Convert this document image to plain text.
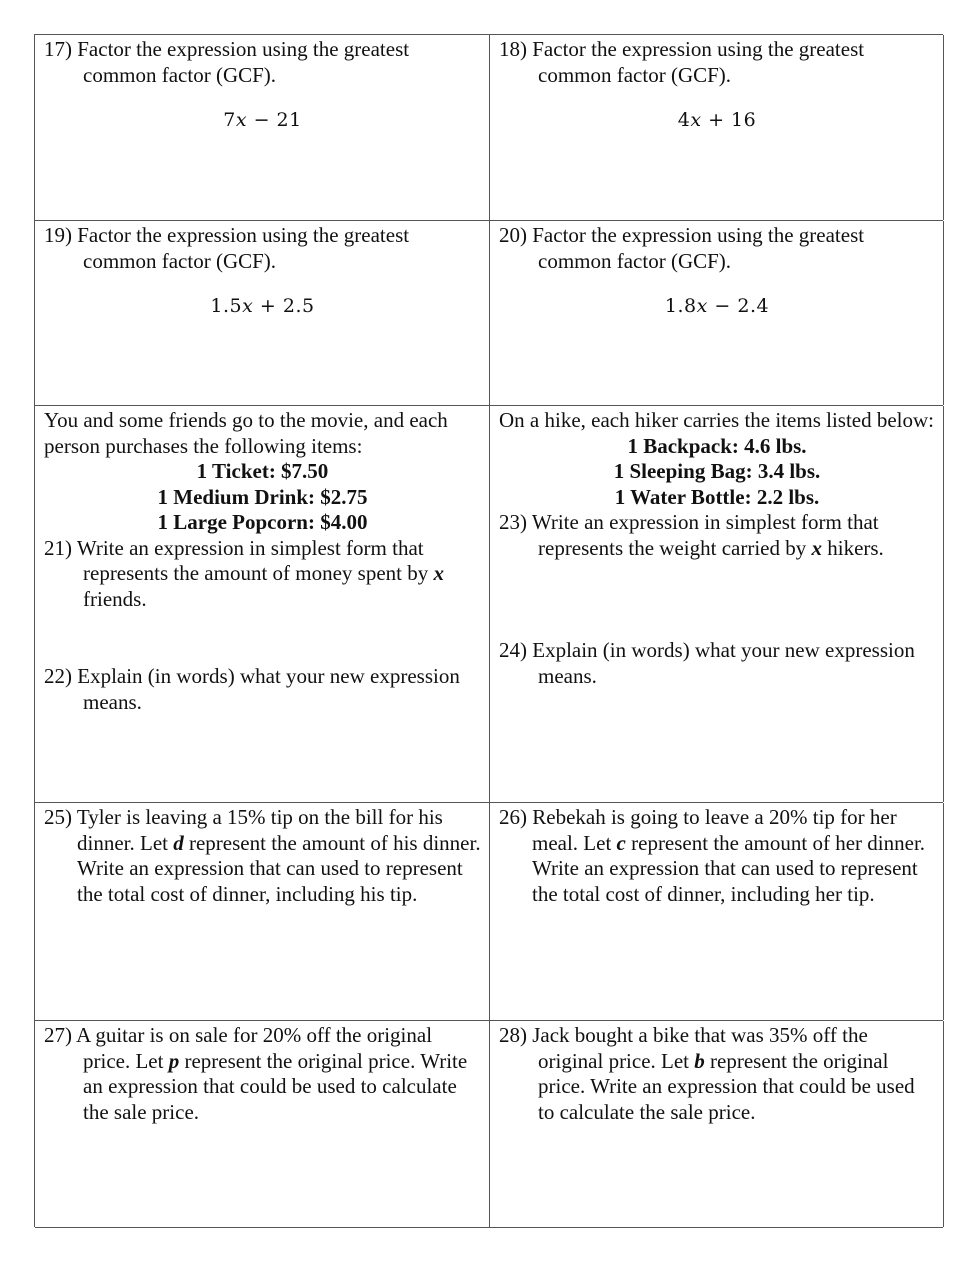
17) Factor the expression using the greatest common factor (GCF).

7x − 21

18) Factor the expression using the greatest common factor (GCF).

4x + 16

19) Factor the expression using the greatest common factor (GCF).

1.5x + 2.5

20) Factor the expression using the greatest common factor (GCF).

1.8x − 2.4

You and some friends go to the movie, and each person purchases the following items:

1 Ticket: $7.50
1 Medium Drink: $2.75
1 Large Popcorn: $4.00

21) Write an expression in simplest form that represents the amount of money spent by x friends.

22) Explain (in words) what your new expression means.

On a hike, each hiker carries the items listed below:

1 Backpack: 4.6 lbs.
1 Sleeping Bag: 3.4 lbs.
1 Water Bottle: 2.2 lbs.

23) Write an expression in simplest form that represents the weight carried by x hikers.

24) Explain (in words) what your new expression means.

25) Tyler is leaving a 15% tip on the bill for his dinner. Let d represent the amount of his dinner. Write an expression that can used to represent the total cost of dinner, including his tip.

26) Rebekah is going to leave a 20% tip for her meal. Let c represent the amount of her dinner. Write an expression that can used to represent the total cost of dinner, including her tip.

27) A guitar is on sale for 20% off the original price. Let p represent the original price. Write an expression that could be used to calculate the sale price.

28) Jack bought a bike that was 35% off the original price. Let b represent the original price. Write an expression that could be used to calculate the sale price.
